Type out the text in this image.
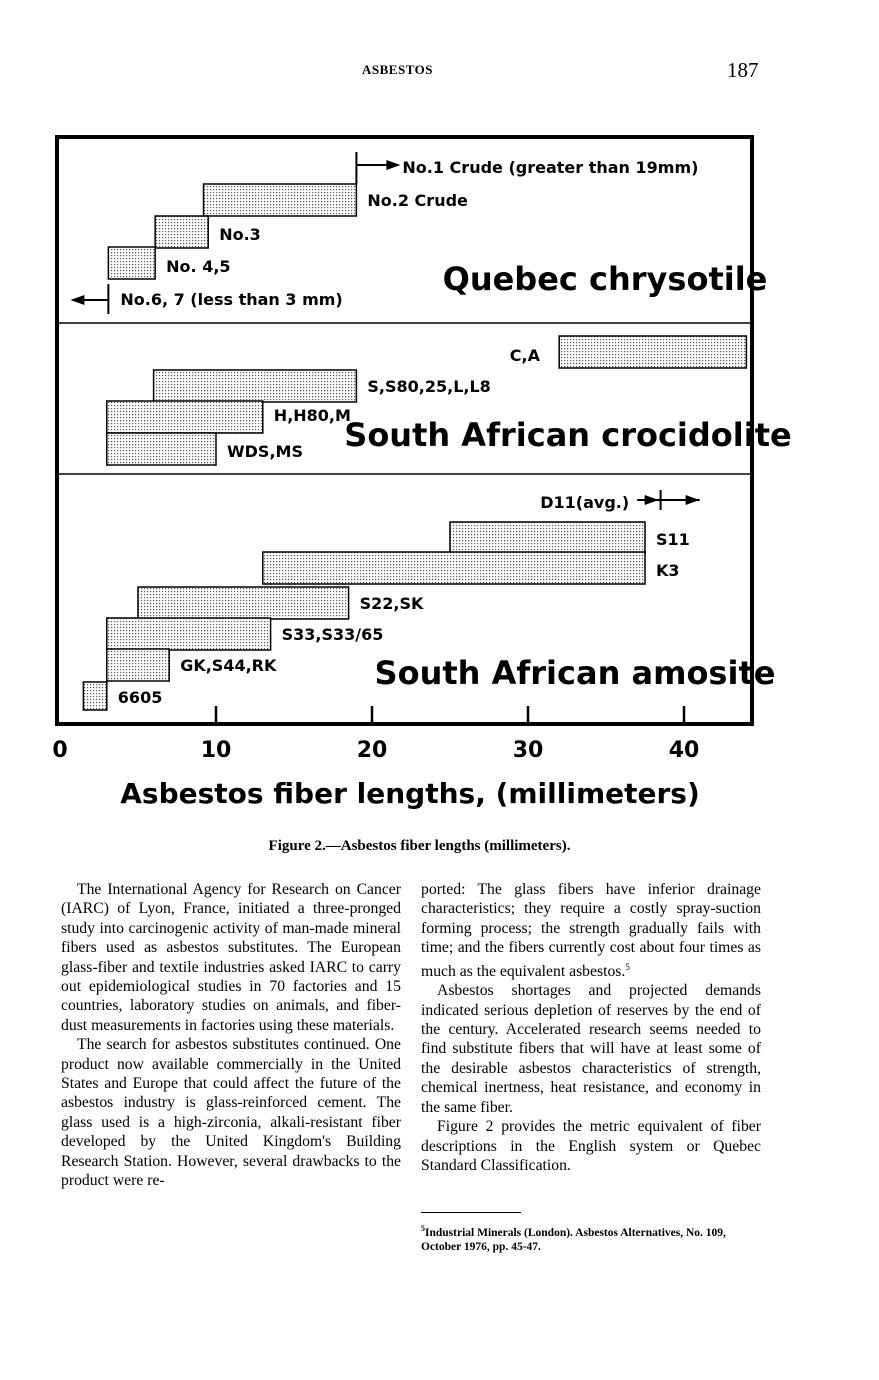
ASBESTOS	187
Quebec chrysotile
No.1 Crude (greater than 19mm)
No.2 Crude
No.3
No. 4,5
No.6, 7 (less than 3 mm)
South African crocidolite
C,A
S,S80,25,L,L8
H,H80,M
WDS,MS
South African amosite
D11(avg.)
S11
K3
S22,SK
S33,S33/65
GK,S44,RK
6605
0	10	20	30	40
Asbestos fiber lengths, (millimeters)
Figure 2.—Asbestos fiber lengths (millimeters).

The International Agency for Research on Cancer (IARC) of Lyon, France, initiated a three-pronged study into carcinogenic activity of man-made mineral fibers used as asbestos substitutes. The European glass-fiber and textile industries asked IARC to carry out epidemiological studies in 70 factories and 15 countries, laboratory studies on animals, and fiber-dust measurements in factories using these materials.

The search for asbestos substitutes continued. One product now available commercially in the United States and Europe that could affect the future of the asbestos industry is glass-reinforced cement. The glass used is a high-zirconia, alkali-resistant fiber developed by the United Kingdom's Building Research Station. However, several drawbacks to the product were re-

ported: The glass fibers have inferior drainage characteristics; they require a costly spray-suction forming process; the strength gradually fails with time; and the fibers currently cost about four times as much as the equivalent asbestos.$^5$

Asbestos shortages and projected demands indicated serious depletion of reserves by the end of the century. Accelerated research seems needed to find substitute fibers that will have at least some of the desirable asbestos characteristics of strength, chemical inertness, heat resistance, and economy in the same fiber.

Figure 2 provides the metric equivalent of fiber descriptions in the English system or Quebec Standard Classification.

$^5$Industrial Minerals (London). Asbestos Alternatives, No. 109, October 1976, pp. 45-47.
